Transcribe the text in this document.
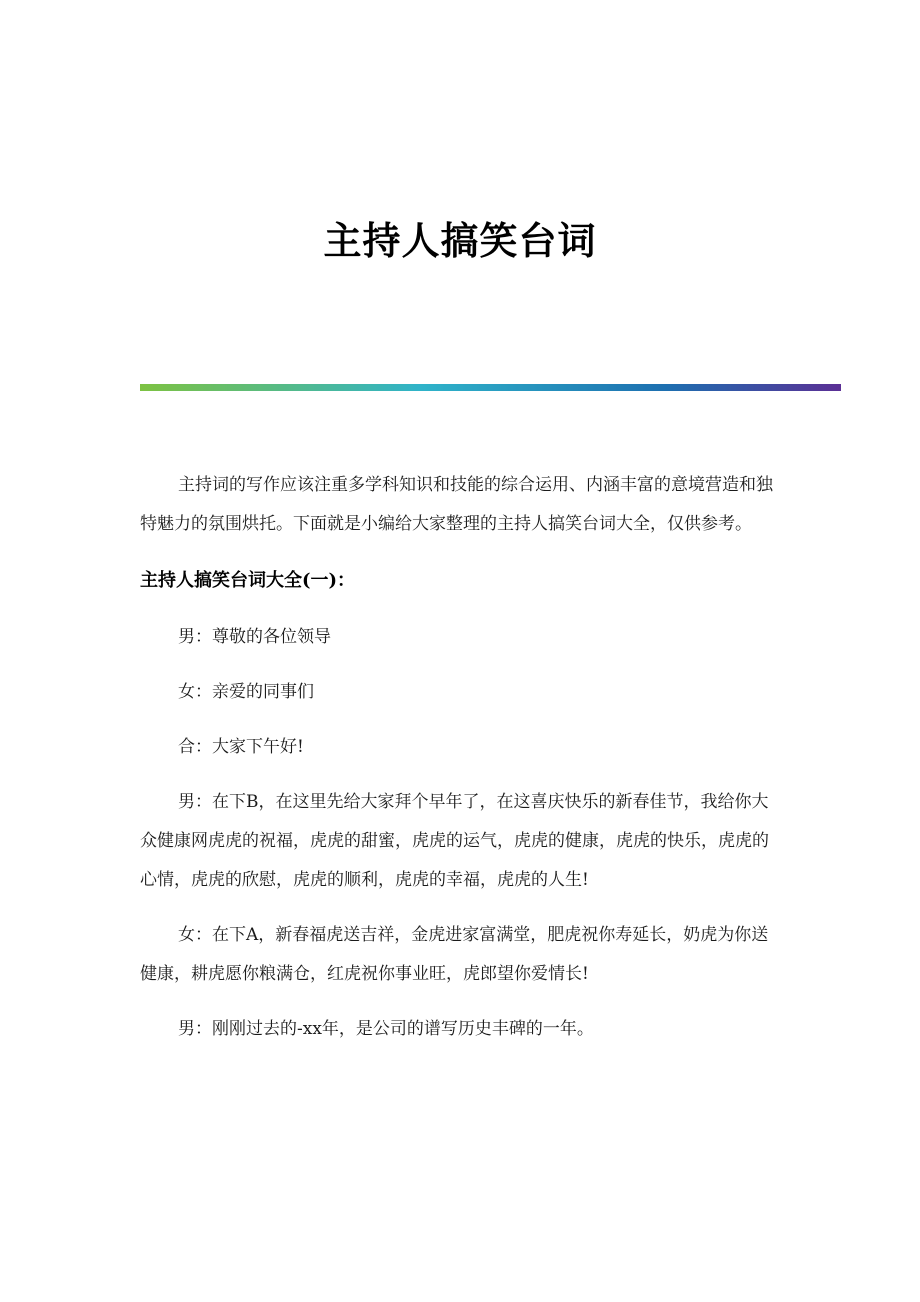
主持人搞笑台词

主持词的写作应该注重多学科知识和技能的综合运用、内涵丰富的意境营造和独特魅力的氛围烘托。下面就是小编给大家整理的主持人搞笑台词大全，仅供参考。

主持人搞笑台词大全(一)：

男：尊敬的各位领导

女：亲爱的同事们

合：大家下午好!

男：在下B，在这里先给大家拜个早年了，在这喜庆快乐的新春佳节，我给你大众健康网虎虎的祝福，虎虎的甜蜜，虎虎的运气，虎虎的健康，虎虎的快乐，虎虎的心情，虎虎的欣慰，虎虎的顺利，虎虎的幸福，虎虎的人生!

女：在下A，新春福虎送吉祥，金虎进家富满堂，肥虎祝你寿延长，奶虎为你送健康，耕虎愿你粮满仓，红虎祝你事业旺，虎郎望你爱情长!

男：刚刚过去的-xx年，是公司的谱写历史丰碑的一年。
